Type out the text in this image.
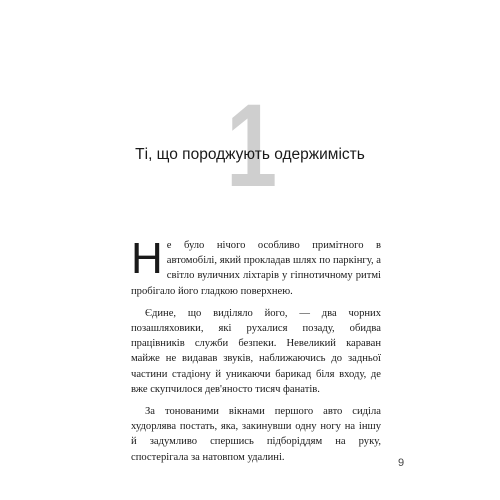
1
Ті, що породжують одержимість

Не було нічого особливо примітного в автомобілі, який прокладав шлях по паркінгу, а світло вуличних ліхтарів у гіпнотичному ритмі пробігало його гладкою поверхнею.

Єдине, що виділяло його, — два чорних позашляховики, які рухалися позаду, обидва працівників служби безпеки. Невеликий караван майже не видавав звуків, наближаючись до задньої частини стадіону й уникаючи барикад біля входу, де вже скупчилося дев'яносто тисяч фанатів.

За тонованими вікнами першого авто сиділа худорлява постать, яка, закинувши одну ногу на іншу й задумливо спершись підборіддям на руку, спостерігала за натовпом удалині.	9
